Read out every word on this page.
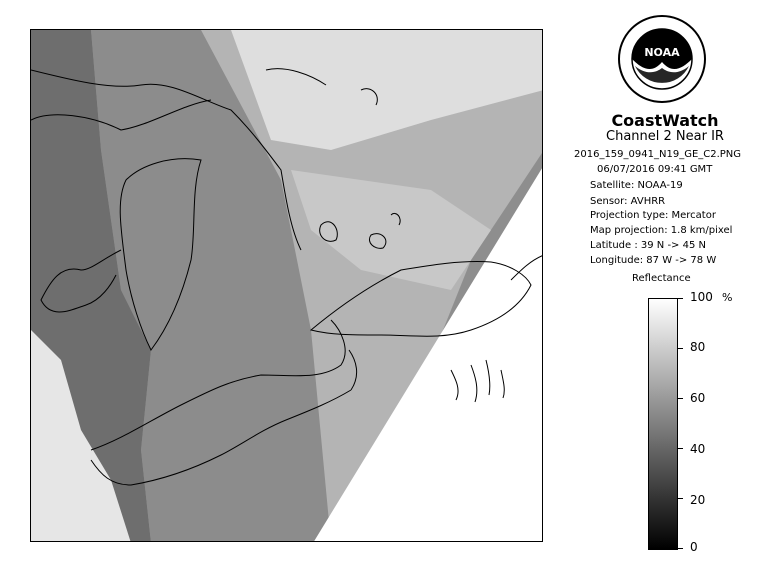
NOAA
CoastWatch
Channel 2 Near IR
2016_159_0941_N19_GE_C2.PNG
06/07/2016 09:41 GMT
Satellite: NOAA-19
Sensor: AVHRR
Projection type: Mercator
Map projection: 1.8 km/pixel
Latitude : 39 N -> 45 N
Longitude: 87 W -> 78 W
Reflectance
%
100
80
60
40
20
0
